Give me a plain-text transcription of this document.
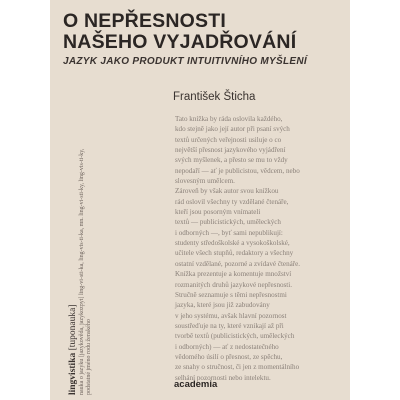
O NEPŘESNOSTI
NAŠEHO VYJADŘOVÁNÍ
JAZYK JAKO PRODUKT INTUITIVNÍHO MYŠLENÍ
František Šticha
Tato knížka by ráda oslovila každého,
kdo stejně jako její autor při psaní svých
textů určených veřejnosti usiluje o co
největší přesnost jazykového vyjádření
svých myšlenek, a přesto se mu to vždy
nepodaří — ať je publicistou, vědcem, nebo
slovesným umělcem.
Zároveň by však autor svou knížkou
rád oslovil všechny ty vzdělané čtenáře,
kteří jsou posorným vnímateli
textů — publicistických, uměleckých
i odborných —, byť sami nepublikují:
studenty středoškolské a vysokoškolské,
učitele všech stupňů, redaktory a všechny
ostatní vzdělané, pozorné a zvídavé čtenáře.
Knížka prezentuje a komentuje množství
rozmanitých druhů jazykové nepřesnosti.
Stručně seznamuje s těmi nepřesnostmi
jazyka, které jsou již zabudovány
v jeho systému, avšak hlavní pozornost
soustřeďuje na ty, které vznikají až při
tvorbě textů (publicistických, uměleckých
i odborných) — ať z nedostatečného
vědomého úsilí o přesnost, ze spěchu,
ze snahy o stručnost, či jen z momentálního
selhání pozornosti nebo intelektu.
lingvistika [tuponauka] nauka o jazyku [jazykověda, jazykozpyt] ling-vi-sti-ka, ling-vis-ti-ka, mn. ling-vi-sti-ky, ling-vis-ti-ky, podstatné jméno rodu ženského	academia
